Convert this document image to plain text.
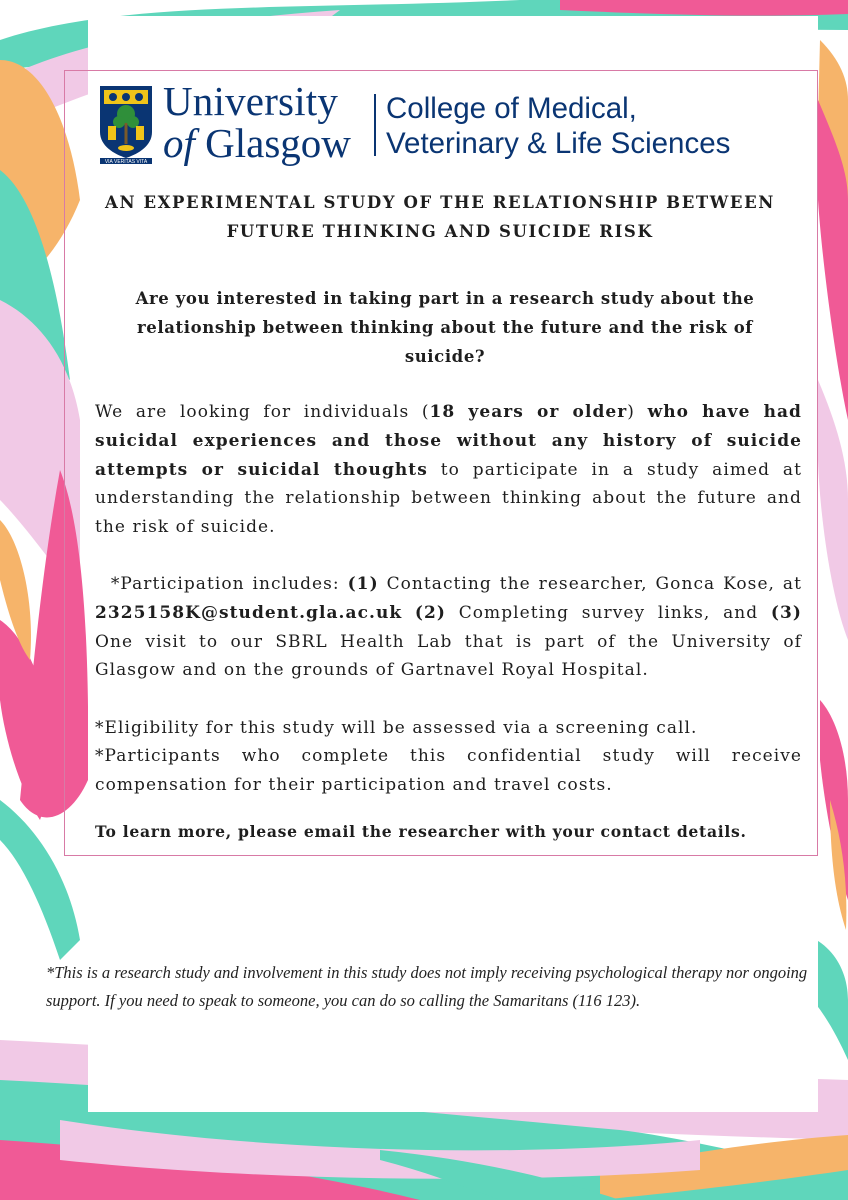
VIA VERITAS VITA
University
of Glasgow
College of Medical,
Veterinary & Life Sciences
AN EXPERIMENTAL STUDY OF THE RELATIONSHIP BETWEEN
FUTURE THINKING AND SUICIDE RISK
Are you interested in taking part in a research study about the relationship between thinking about the future and the risk of suicide?
We are looking for individuals (18 years or older) who have had suicidal experiences and those without any history of suicide attempts or suicidal thoughts to participate in a study aimed at understanding the relationship between thinking about the future and the risk of suicide.
*Participation includes: (1) Contacting the researcher, Gonca Kose, at 2325158K@student.gla.ac.uk (2) Completing survey links, and (3) One visit to our SBRL Health Lab that is part of the University of Glasgow and on the grounds of Gartnavel Royal Hospital.
*Eligibility for this study will be assessed via a screening call.
*Participants who complete this confidential study will receive compensation for their participation and travel costs.
To learn more, please email the researcher with your contact details.
*This is a research study and involvement in this study does not imply receiving psychological therapy nor ongoing support. If you need to speak to someone, you can do so calling the Samaritans (116 123).
